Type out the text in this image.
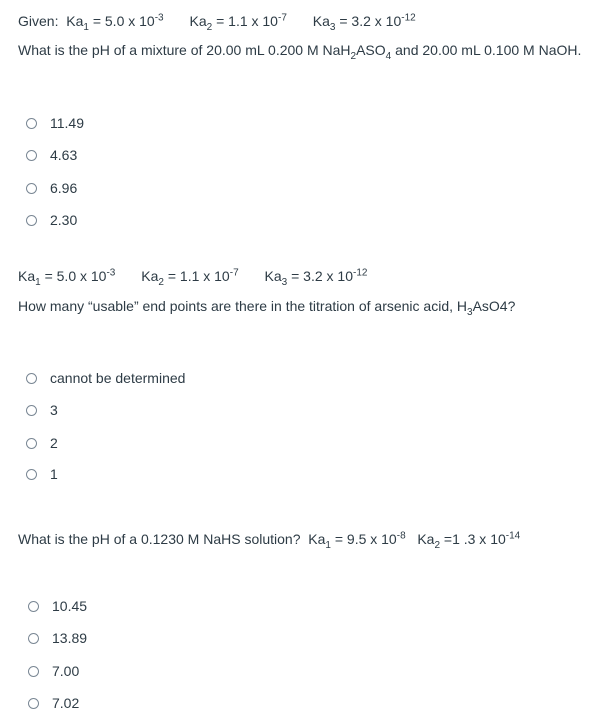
Given: $Ka_1 = 5.0$ x $10^{-3}$ $Ka_2 = 1.1$ x $10^{-7}$ $Ka_3 = 3.2$ x $10^{-12}$
What is the pH of a mixture of 20.00 mL 0.200 M $NaH_2ASO_4$ and 20.00 mL 0.100 M NaOH.
11.49
4.63
6.96
2.30
$Ka_1 = 5.0$ x $10^{-3}$ $Ka_2 = 1.1$ x $10^{-7}$ $Ka_3 = 3.2$ x $10^{-12}$
How many “usable” end points are there in the titration of arsenic acid, $H_3AsO4$?
cannot be determined
3
2
1
What is the pH of a 0.1230 M NaHS solution? $Ka_1 = 9.5$ x $10^{-8}$ $Ka_2 =1$ .3 x $10^{-14}$
10.45
13.89
7.00
7.02
